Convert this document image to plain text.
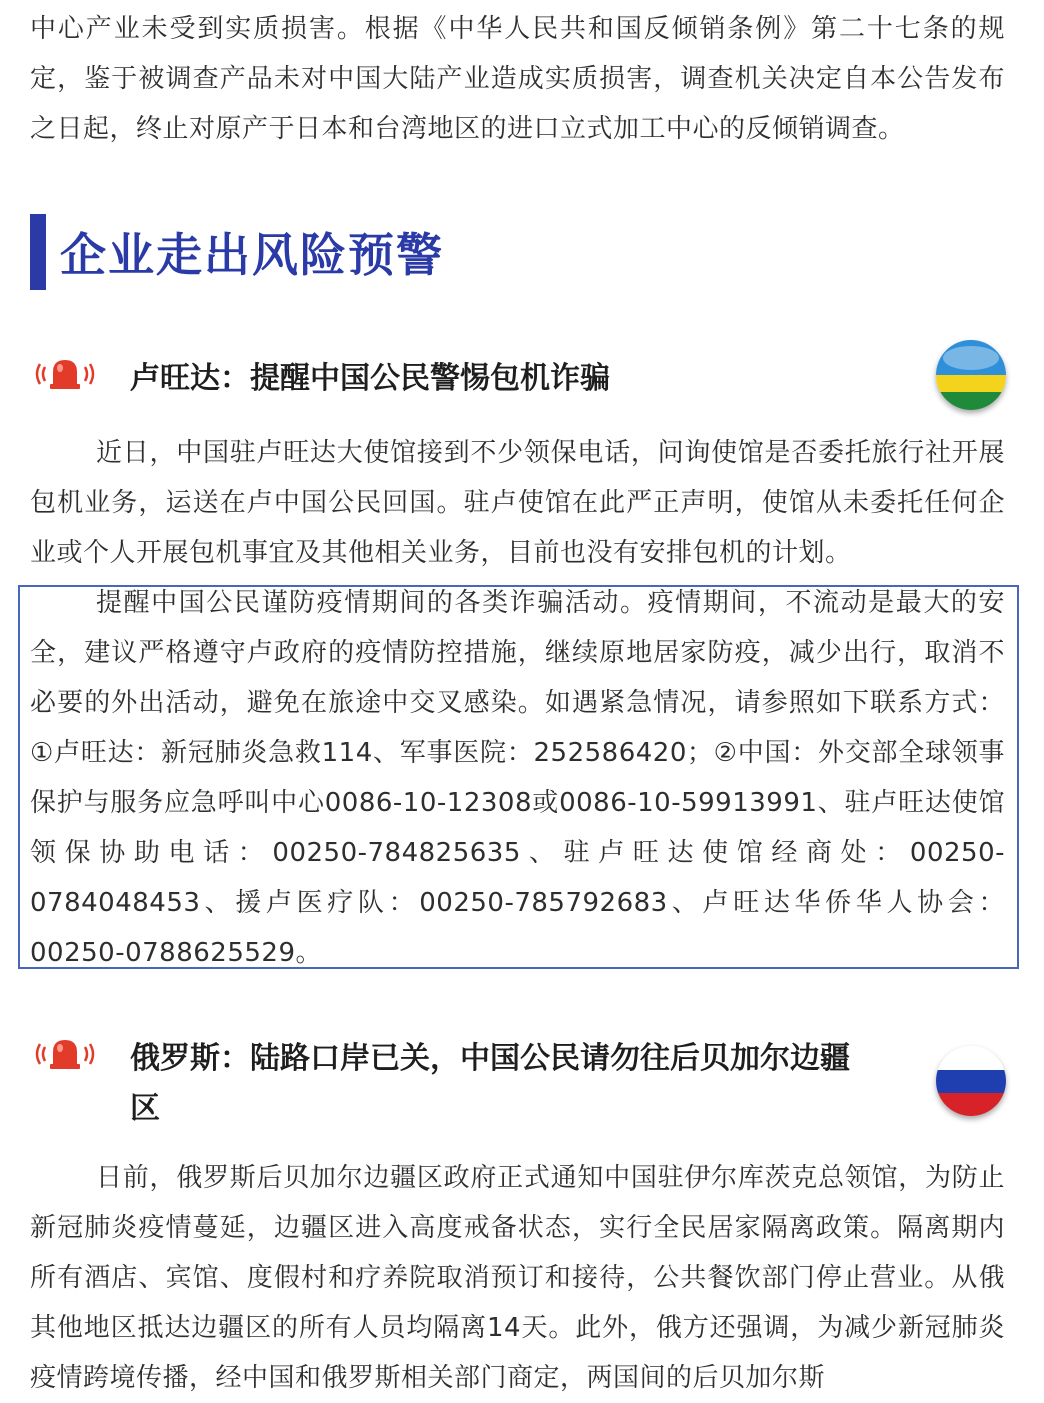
中心产业未受到实质损害。根据《中华人民共和国反倾销条例》第二十七条的规定，鉴于被调查产品未对中国大陆产业造成实质损害，调查机关决定自本公告发布之日起，终止对原产于日本和台湾地区的进口立式加工中心的反倾销调查。

企业走出风险预警
卢旺达：提醒中国公民警惕包机诈骗

近日，中国驻卢旺达大使馆接到不少领保电话，问询使馆是否委托旅行社开展包机业务，运送在卢中国公民回国。驻卢使馆在此严正声明，使馆从未委托任何企业或个人开展包机事宜及其他相关业务，目前也没有安排包机的计划。

提醒中国公民谨防疫情期间的各类诈骗活动。疫情期间，不流动是最大的安全，建议严格遵守卢政府的疫情防控措施，继续原地居家防疫，减少出行，取消不必要的外出活动，避免在旅途中交叉感染。如遇紧急情况，请参照如下联系方式：①卢旺达：新冠肺炎急救114、军事医院：252586420；②中国：外交部全球领事保护与服务应急呼叫中心0086-10-12308或0086-10-59913991、驻卢旺达使馆领保协助电话：00250-784825635、驻卢旺达使馆经商处：00250-0784048453、援卢医疗队：00250-785792683、卢旺达华侨华人协会：00250-0788625529。

俄罗斯：陆路口岸已关，中国公民请勿往后贝加尔边疆区

日前，俄罗斯后贝加尔边疆区政府正式通知中国驻伊尔库茨克总领馆，为防止新冠肺炎疫情蔓延，边疆区进入高度戒备状态，实行全民居家隔离政策。隔离期内所有酒店、宾馆、度假村和疗养院取消预订和接待，公共餐饮部门停止营业。从俄其他地区抵达边疆区的所有人员均隔离14天。此外，俄方还强调，为减少新冠肺炎疫情跨境传播，经中国和俄罗斯相关部门商定，两国间的后贝加尔斯
